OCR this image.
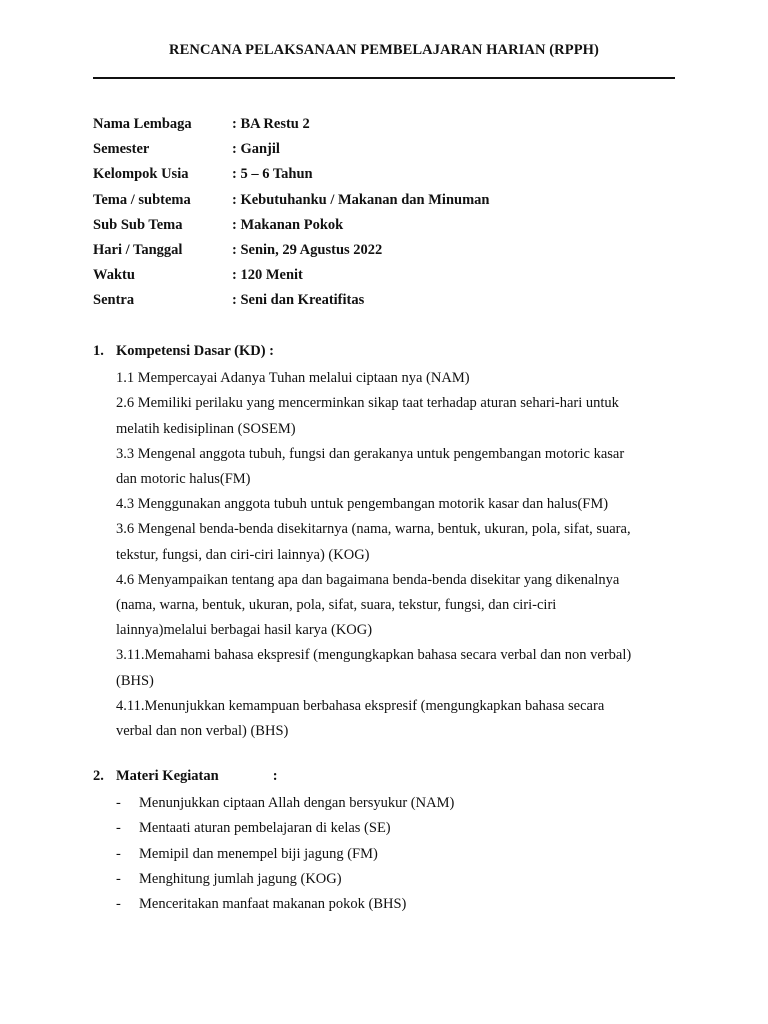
RENCANA PELAKSANAAN PEMBELAJARAN HARIAN (RPPH)
Nama Lembaga	: BA Restu 2
Semester	: Ganjil
Kelompok Usia	: 5 – 6 Tahun
Tema / subtema	: Kebutuhanku / Makanan dan Minuman
Sub Sub Tema	: Makanan Pokok
Hari / Tanggal	: Senin, 29 Agustus 2022
Waktu	: 120 Menit
Sentra	: Seni dan Kreatifitas
1. Kompetensi Dasar (KD) :
1.1 Mempercayai Adanya Tuhan melalui ciptaan nya (NAM)
2.6 Memiliki perilaku yang mencerminkan sikap taat terhadap aturan sehari-hari untuk
melatih kedisiplinan (SOSEM)
3.3 Mengenal anggota tubuh, fungsi dan gerakanya untuk pengembangan motoric kasar
dan motoric halus(FM)
4.3 Menggunakan anggota tubuh untuk pengembangan motorik kasar dan halus(FM)
3.6 Mengenal benda-benda disekitarnya (nama, warna, bentuk, ukuran, pola, sifat, suara,
tekstur, fungsi, dan ciri-ciri lainnya) (KOG)
4.6 Menyampaikan tentang apa dan bagaimana benda-benda disekitar yang dikenalnya
(nama, warna, bentuk, ukuran, pola, sifat, suara, tekstur, fungsi, dan ciri-ciri
lainnya)melalui berbagai hasil karya (KOG)
3.11.Memahami bahasa ekspresif (mengungkapkan bahasa secara verbal dan non verbal)
(BHS)
4.11.Menunjukkan kemampuan berbahasa ekspresif (mengungkapkan bahasa secara
verbal dan non verbal) (BHS)
2. Materi Kegiatan	:
-	Menunjukkan ciptaan Allah dengan bersyukur (NAM)
-	Mentaati aturan pembelajaran di kelas (SE)
-	Memipil dan menempel biji jagung (FM)
-	Menghitung jumlah jagung (KOG)
-	Menceritakan manfaat makanan pokok (BHS)
